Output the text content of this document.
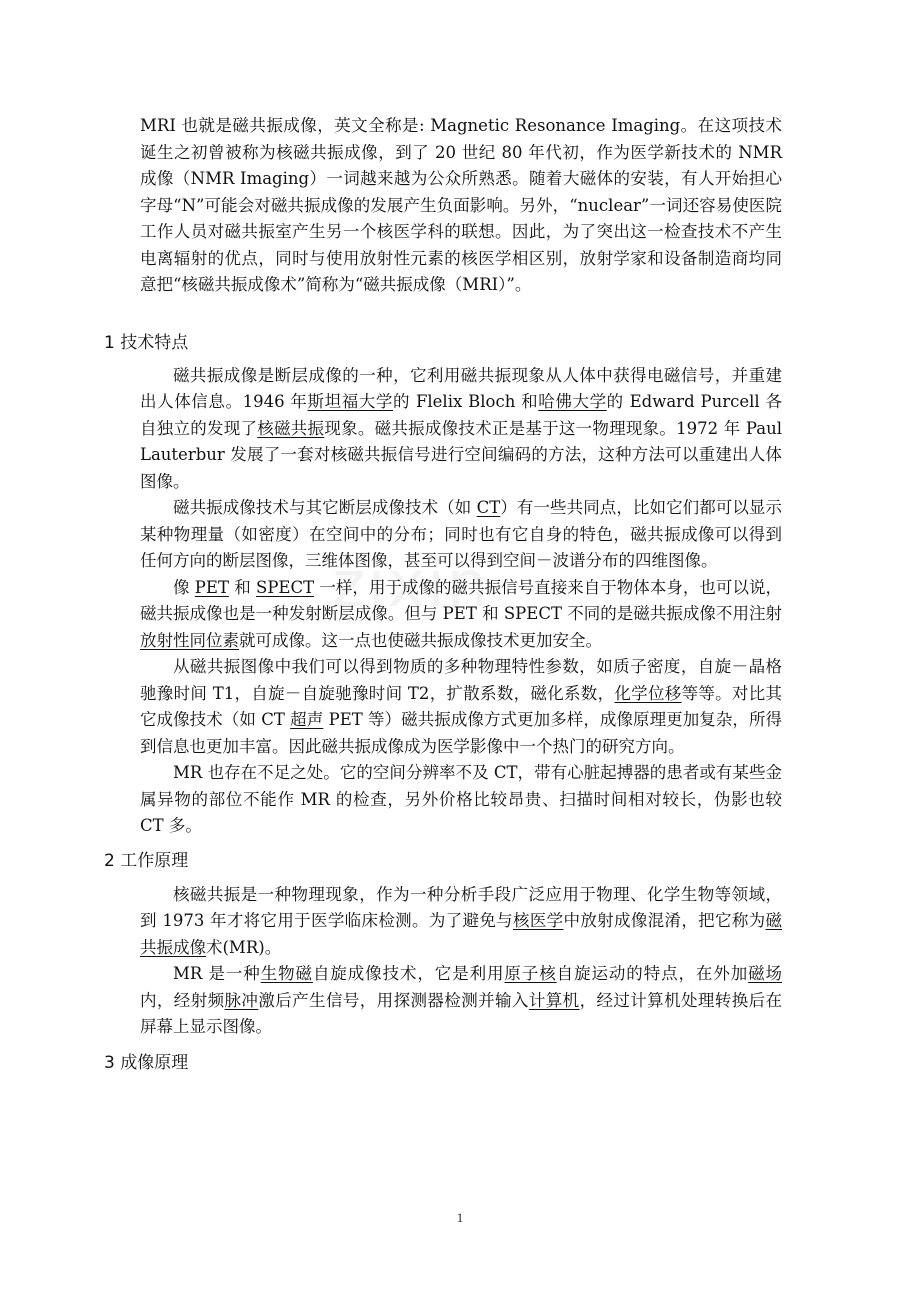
MRI 也就是磁共振成像，英文全称是: Magnetic Resonance Imaging。在这项技术诞生之初曾被称为核磁共振成像，到了 20 世纪 80 年代初，作为医学新技术的 NMR 成像（NMR Imaging）一词越来越为公众所熟悉。随着大磁体的安装，有人开始担心字母“N”可能会对磁共振成像的发展产生负面影响。另外，“nuclear”一词还容易使医院工作人员对磁共振室产生另一个核医学科的联想。因此，为了突出这一检查技术不产生电离辐射的优点，同时与使用放射性元素的核医学相区别，放射学家和设备制造商均同意把“核磁共振成像术”简称为“磁共振成像（MRI）”。

1 技术特点

磁共振成像是断层成像的一种，它利用磁共振现象从人体中获得电磁信号，并重建出人体信息。1946 年斯坦福大学的 Flelix Bloch 和哈佛大学的 Edward Purcell 各自独立的发现了核磁共振现象。磁共振成像技术正是基于这一物理现象。1972 年 Paul Lauterbur 发展了一套对核磁共振信号进行空间编码的方法，这种方法可以重建出人体图像。

磁共振成像技术与其它断层成像技术（如 CT）有一些共同点，比如它们都可以显示某种物理量（如密度）在空间中的分布；同时也有它自身的特色，磁共振成像可以得到任何方向的断层图像，三维体图像，甚至可以得到空间－波谱分布的四维图像。

像 PET 和 SPECT 一样，用于成像的磁共振信号直接来自于物体本身，也可以说，磁共振成像也是一种发射断层成像。但与 PET 和 SPECT 不同的是磁共振成像不用注射放射性同位素就可成像。这一点也使磁共振成像技术更加安全。

从磁共振图像中我们可以得到物质的多种物理特性参数，如质子密度，自旋－晶格驰豫时间 T1，自旋－自旋驰豫时间 T2，扩散系数，磁化系数，化学位移等等。对比其它成像技术（如 CT 超声 PET 等）磁共振成像方式更加多样，成像原理更加复杂，所得到信息也更加丰富。因此磁共振成像成为医学影像中一个热门的研究方向。

MR 也存在不足之处。它的空间分辨率不及 CT，带有心脏起搏器的患者或有某些金属异物的部位不能作 MR 的检查，另外价格比较昂贵、扫描时间相对较长，伪影也较 CT 多。

2 工作原理

核磁共振是一种物理现象，作为一种分析手段广泛应用于物理、化学生物等领域，到 1973 年才将它用于医学临床检测。为了避免与核医学中放射成像混淆，把它称为磁共振成像术(MR)。

MR 是一种生物磁自旋成像技术，它是利用原子核自旋运动的特点，在外加磁场内，经射频脉冲激后产生信号，用探测器检测并输入计算机，经过计算机处理转换后在屏幕上显示图像。

3 成像原理
1
